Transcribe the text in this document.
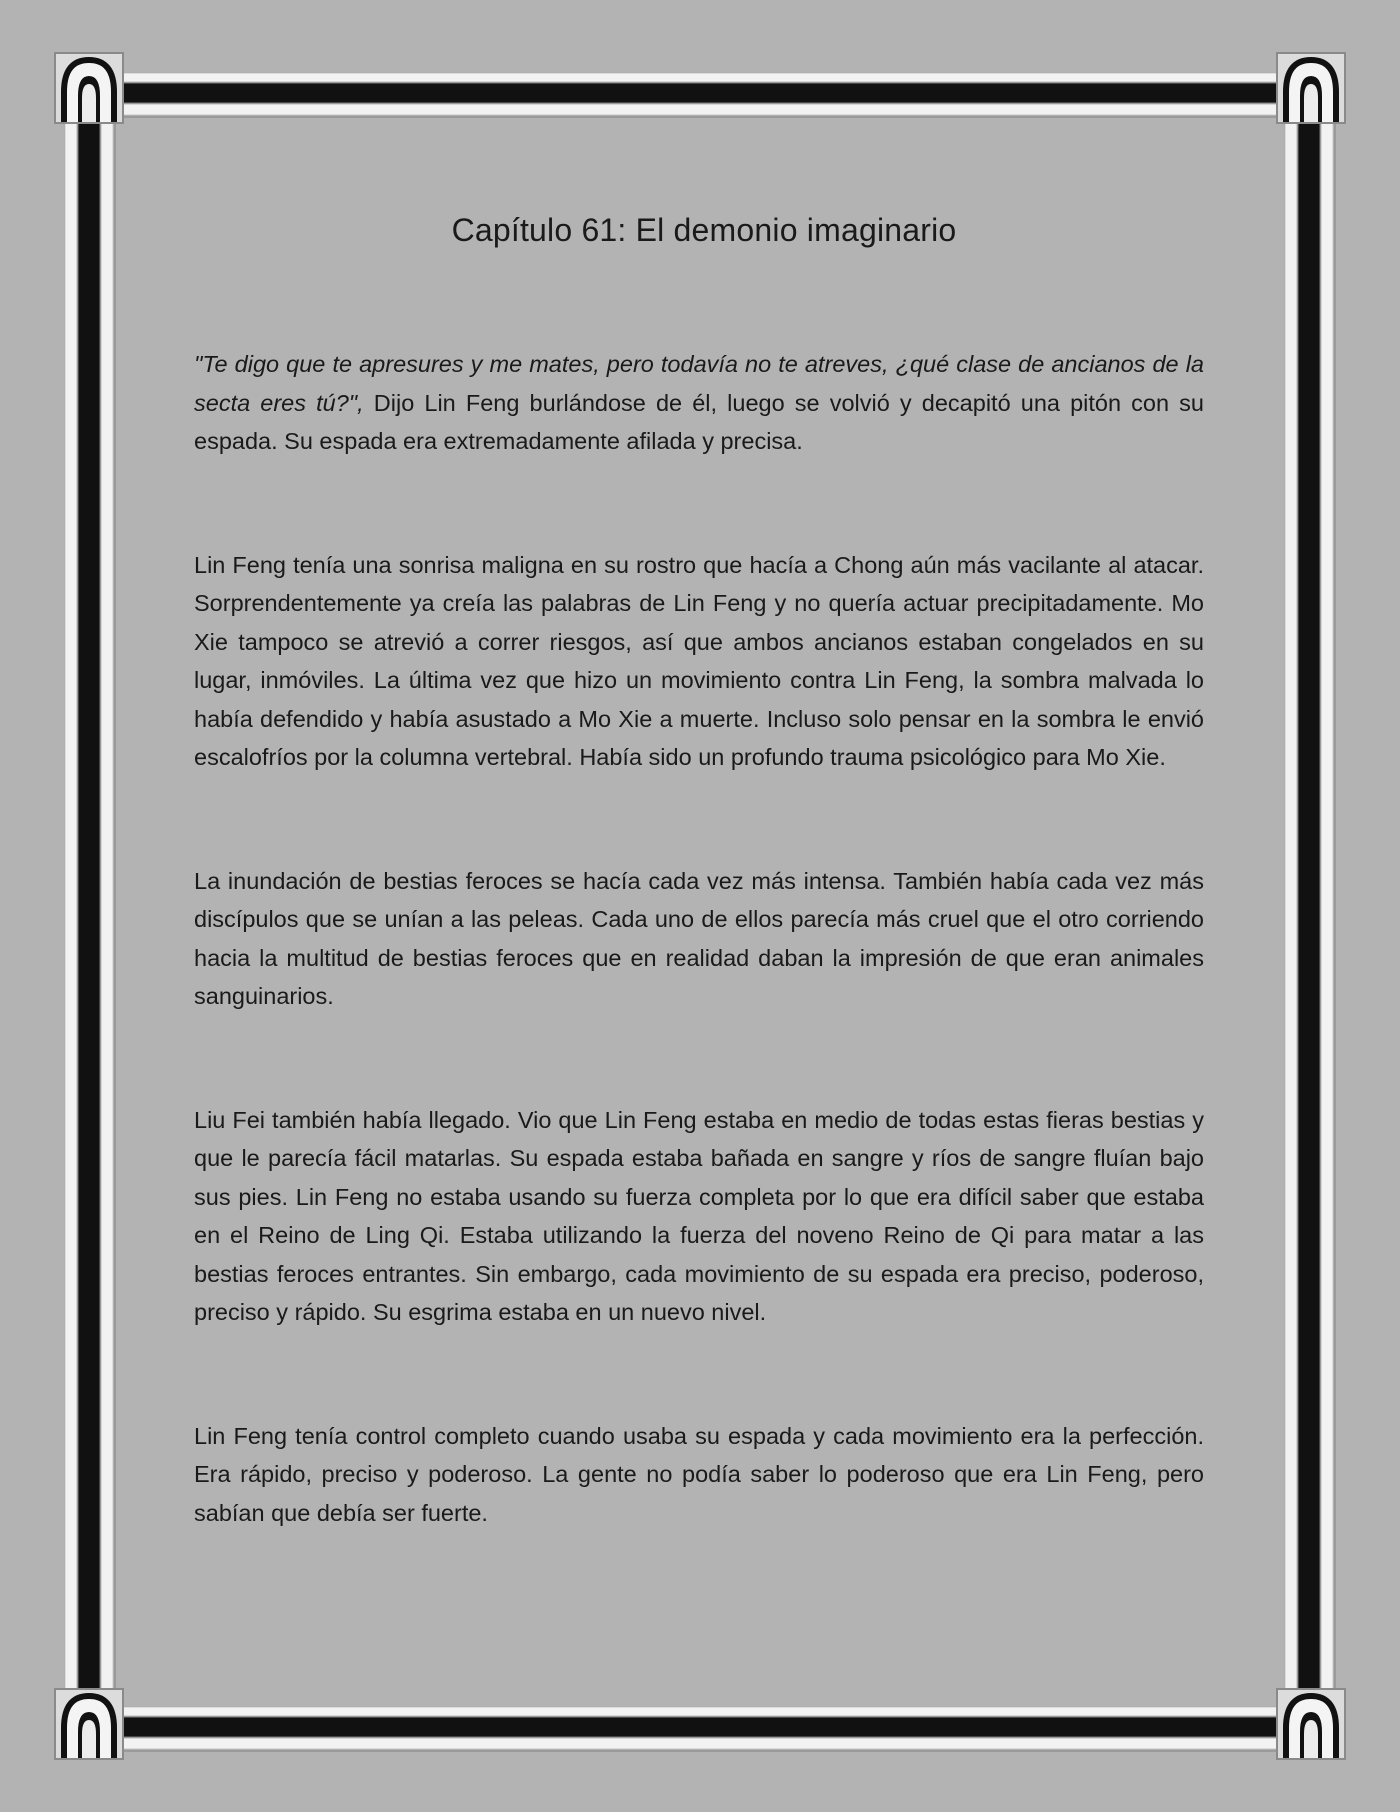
Capítulo 61: El demonio imaginario

"Te digo que te apresures y me mates, pero todavía no te atreves, ¿qué clase de ancianos de la secta eres tú?", Dijo Lin Feng burlándose de él, luego se volvió y decapitó una pitón con su espada. Su espada era extremadamente afilada y precisa.

Lin Feng tenía una sonrisa maligna en su rostro que hacía a Chong aún más vacilante al atacar. Sorprendentemente ya creía las palabras de Lin Feng y no quería actuar precipitadamente. Mo Xie tampoco se atrevió a correr riesgos, así que ambos ancianos estaban congelados en su lugar, inmóviles. La última vez que hizo un movimiento contra Lin Feng, la sombra malvada lo había defendido y había asustado a Mo Xie a muerte. Incluso solo pensar en la sombra le envió escalofríos por la columna vertebral. Había sido un profundo trauma psicológico para Mo Xie.

La inundación de bestias feroces se hacía cada vez más intensa. También había cada vez más discípulos que se unían a las peleas. Cada uno de ellos parecía más cruel que el otro corriendo hacia la multitud de bestias feroces que en realidad daban la impresión de que eran animales sanguinarios.

Liu Fei también había llegado. Vio que Lin Feng estaba en medio de todas estas fieras bestias y que le parecía fácil matarlas. Su espada estaba bañada en sangre y ríos de sangre fluían bajo sus pies. Lin Feng no estaba usando su fuerza completa por lo que era difícil saber que estaba en el Reino de Ling Qi. Estaba utilizando la fuerza del noveno Reino de Qi para matar a las bestias feroces entrantes. Sin embargo, cada movimiento de su espada era preciso, poderoso, preciso y rápido. Su esgrima estaba en un nuevo nivel.

Lin Feng tenía control completo cuando usaba su espada y cada movimiento era la perfección. Era rápido, preciso y poderoso. La gente no podía saber lo poderoso que era Lin Feng, pero sabían que debía ser fuerte.
